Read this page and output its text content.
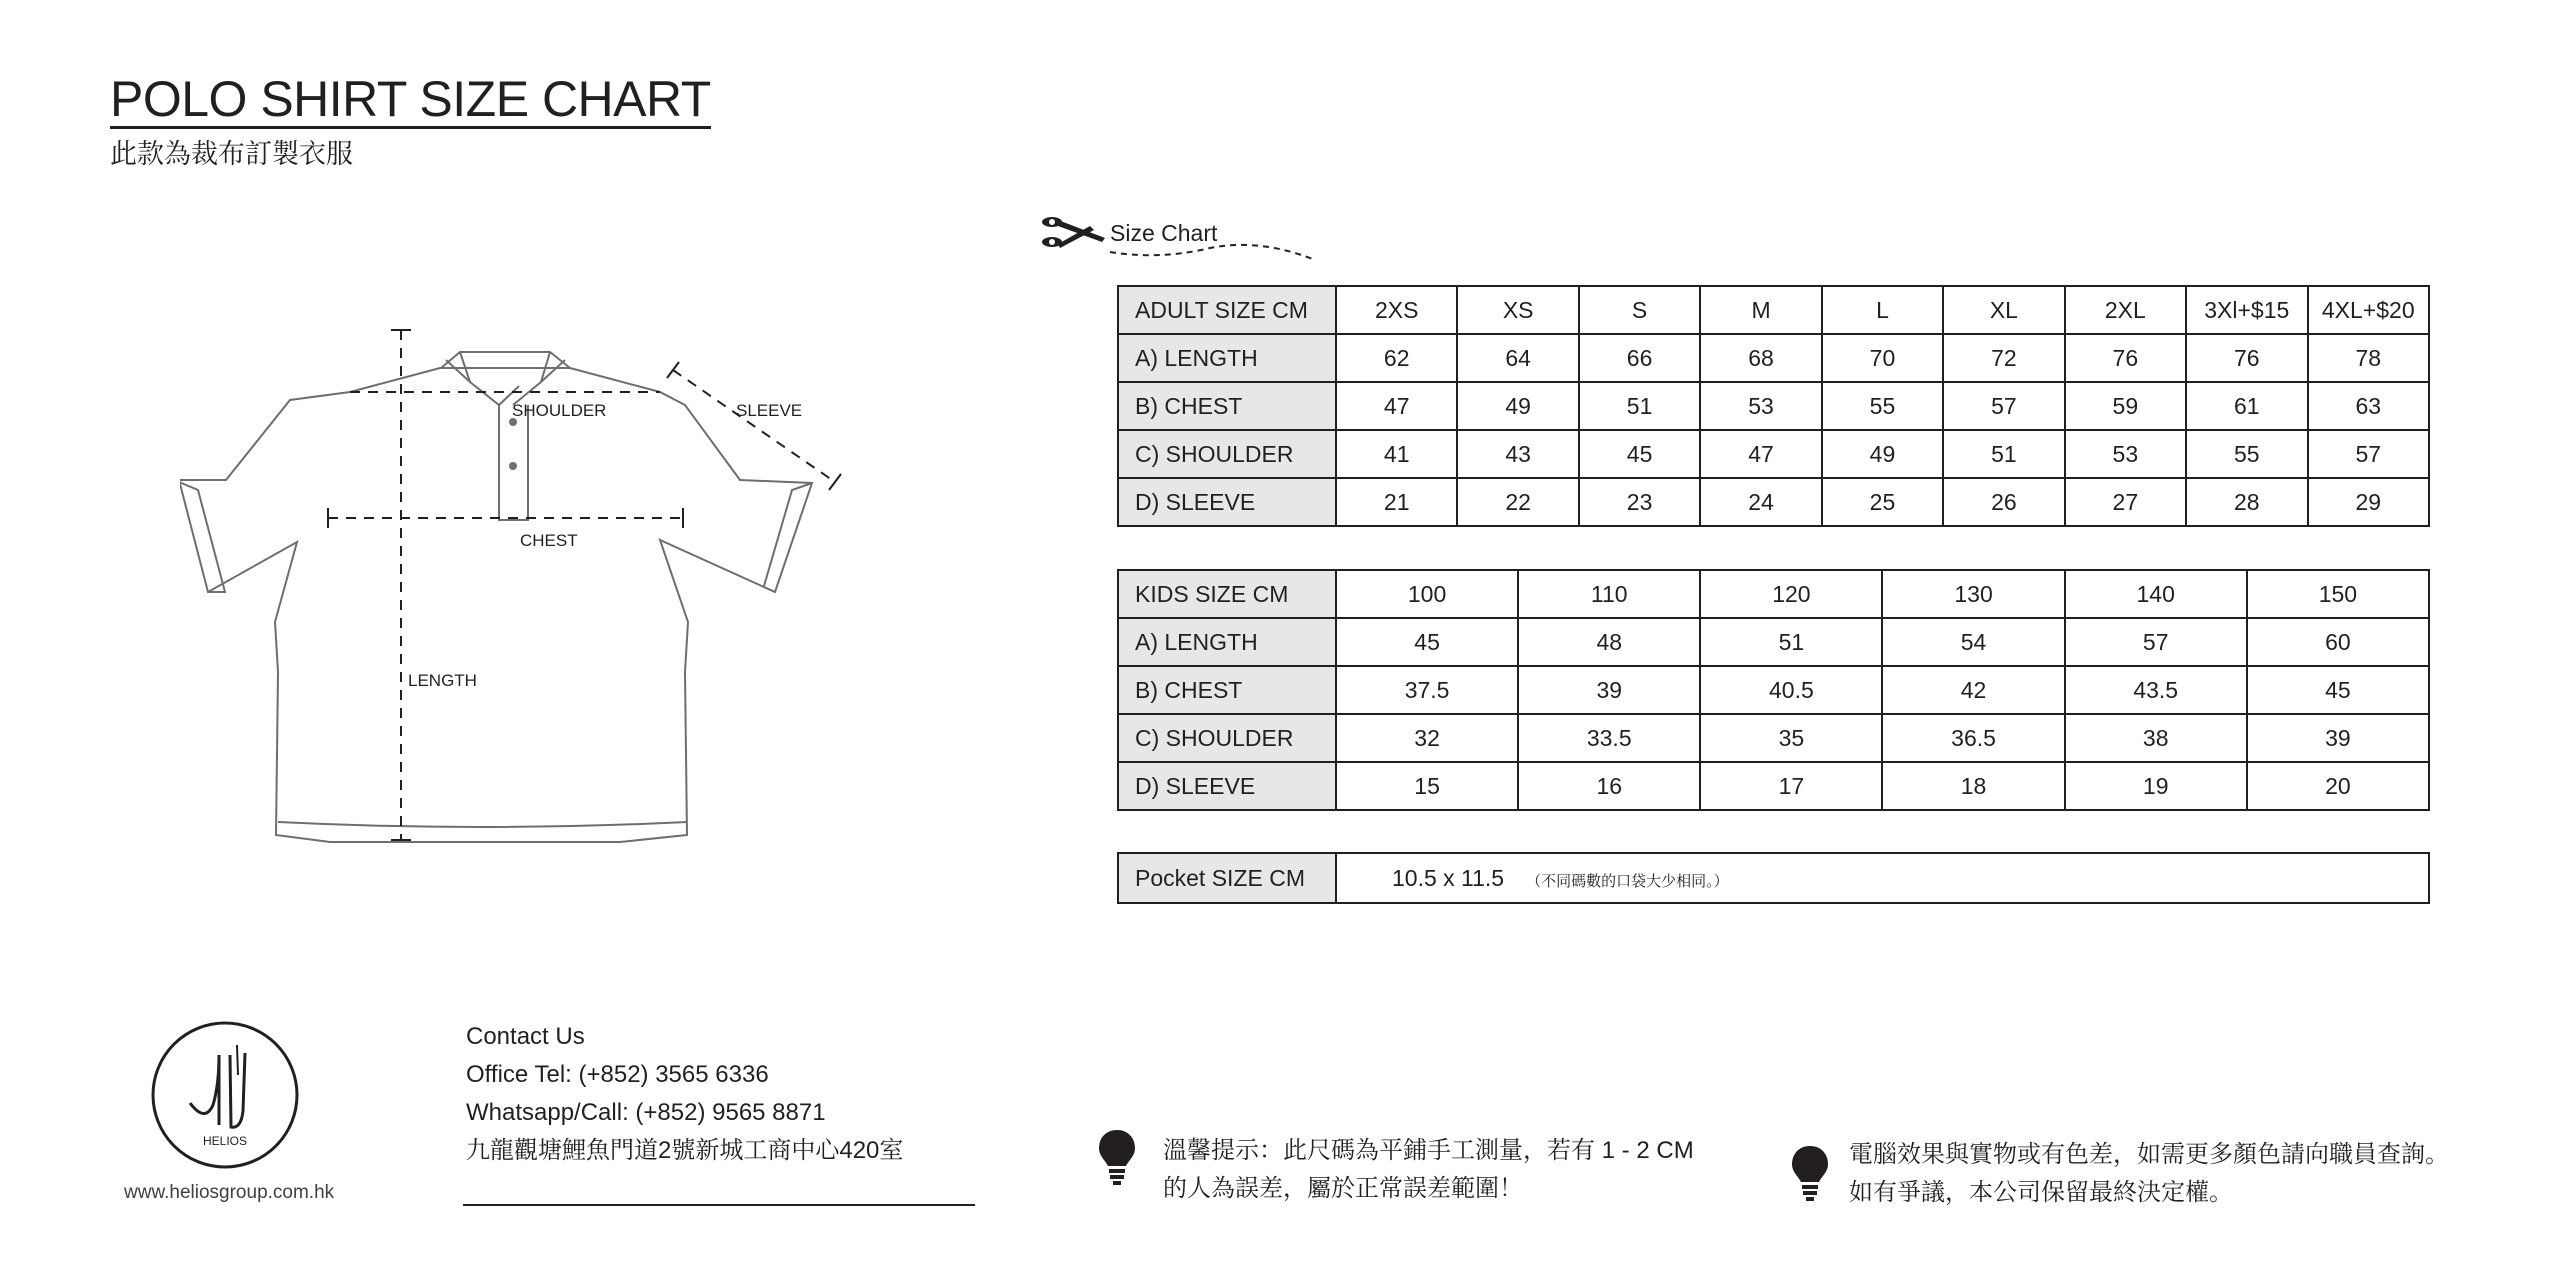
POLO SHIRT SIZE CHART
此款為裁布訂製衣服
SHOULDER	SLEEVE
CHEST
LENGTH
Size Chart
ADULT SIZE CM	2XS	XS	S	M	L	XL	2XL	3Xl+$15	4XL+$20
A) LENGTH	62	64	66	68	70	72	76	76	78
B) CHEST	47	49	51	53	55	57	59	61	63
C) SHOULDER	41	43	45	47	49	51	53	55	57
D) SLEEVE	21	22	23	24	25	26	27	28	29
KIDS SIZE CM	100	110	120	130	140	150
A) LENGTH	45	48	51	54	57	60
B) CHEST	37.5	39	40.5	42	43.5	45
C) SHOULDER	32	33.5	35	36.5	38	39
D) SLEEVE	15	16	17	18	19	20
Pocket SIZE CM	10.5 x 11.5 （不同碼數的口袋大少相同。）
HELIOS
www.heliosgroup.com.hk
Contact Us
Office Tel: (+852) 3565 6336
Whatsapp/Call: (+852) 9565 8871
九龍觀塘鯉魚門道2號新城工商中心420室	溫馨提示：此尺碼為平鋪手工測量，若有 1 - 2 CM
的人為誤差，屬於正常誤差範圍！
電腦效果與實物或有色差，如需更多顏色請向職員查詢。
如有爭議，本公司保留最終決定權。
